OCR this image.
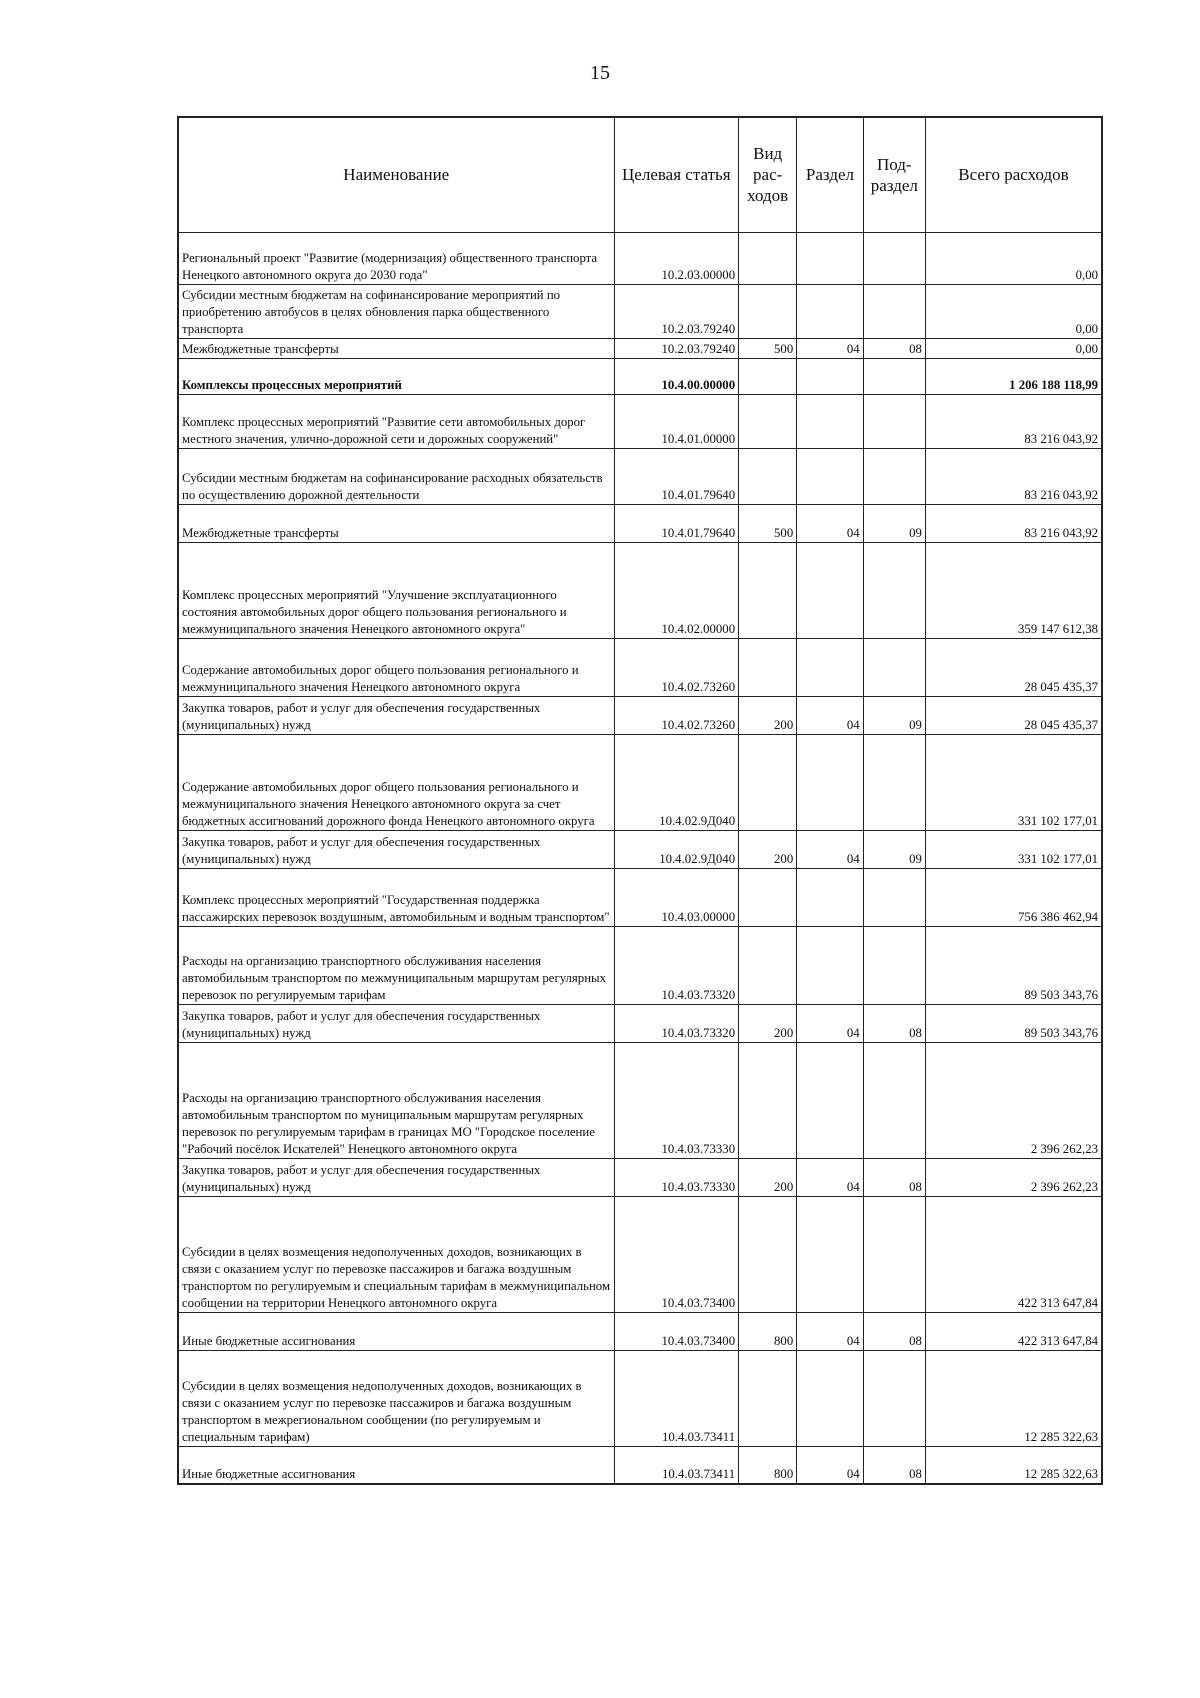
15
Наименование	Целевая статья	Вид рас- ходов	Раздел	Под- раздел	Всего расходов
Региональный проект "Развитие (модернизация) общественного транспорта Ненецкого автономного округа до 2030 года"	10.2.03.00000				0,00
Субсидии местным бюджетам на софинансирование мероприятий по приобретению автобусов в целях обновления парка общественного транспорта	10.2.03.79240				0,00
Межбюджетные трансферты	10.2.03.79240	500	04	08	0,00
Комплексы процессных мероприятий	10.4.00.00000				1 206 188 118,99
Комплекс процессных мероприятий "Развитие сети автомобильных дорог местного значения, улично-дорожной сети и дорожных сооружений"	10.4.01.00000				83 216 043,92
Субсидии местным бюджетам на софинансирование расходных обязательств по осуществлению дорожной деятельности	10.4.01.79640				83 216 043,92
Межбюджетные трансферты	10.4.01.79640	500	04	09	83 216 043,92
Комплекс процессных мероприятий "Улучшение эксплуатационного состояния автомобильных дорог общего пользования регионального и межмуниципального значения Ненецкого автономного округа"	10.4.02.00000				359 147 612,38
Содержание автомобильных дорог общего пользования регионального и межмуниципального значения Ненецкого автономного округа	10.4.02.73260				28 045 435,37
Закупка товаров, работ и услуг для обеспечения государственных (муниципальных) нужд	10.4.02.73260	200	04	09	28 045 435,37
Содержание автомобильных дорог общего пользования регионального и межмуниципального значения Ненецкого автономного округа за счет бюджетных ассигнований дорожного фонда Ненецкого автономного округа	10.4.02.9Д040				331 102 177,01
Закупка товаров, работ и услуг для обеспечения государственных (муниципальных) нужд	10.4.02.9Д040	200	04	09	331 102 177,01
Комплекс процессных мероприятий "Государственная поддержка пассажирских перевозок воздушным, автомобильным и водным транспортом"	10.4.03.00000				756 386 462,94
Расходы на организацию транспортного обслуживания населения автомобильным транспортом по межмуниципальным маршрутам регулярных перевозок по регулируемым тарифам	10.4.03.73320				89 503 343,76
Закупка товаров, работ и услуг для обеспечения государственных (муниципальных) нужд	10.4.03.73320	200	04	08	89 503 343,76
Расходы на организацию транспортного обслуживания населения автомобильным транспортом по муниципальным маршрутам регулярных перевозок по регулируемым тарифам в границах МО "Городское поселение "Рабочий посёлок Искателей" Ненецкого автономного округа	10.4.03.73330				2 396 262,23
Закупка товаров, работ и услуг для обеспечения государственных (муниципальных) нужд	10.4.03.73330	200	04	08	2 396 262,23
Субсидии в целях возмещения недополученных доходов, возникающих в связи с оказанием услуг по перевозке пассажиров и багажа воздушным транспортом по регулируемым и специальным тарифам в межмуниципальном сообщении на территории Ненецкого автономного округа	10.4.03.73400				422 313 647,84
Иные бюджетные ассигнования	10.4.03.73400	800	04	08	422 313 647,84
Субсидии в целях возмещения недополученных доходов, возникающих в связи с оказанием услуг по перевозке пассажиров и багажа воздушным транспортом в межрегиональном сообщении (по регулируемым и специальным тарифам)	10.4.03.73411				12 285 322,63
Иные бюджетные ассигнования	10.4.03.73411	800	04	08	12 285 322,63
